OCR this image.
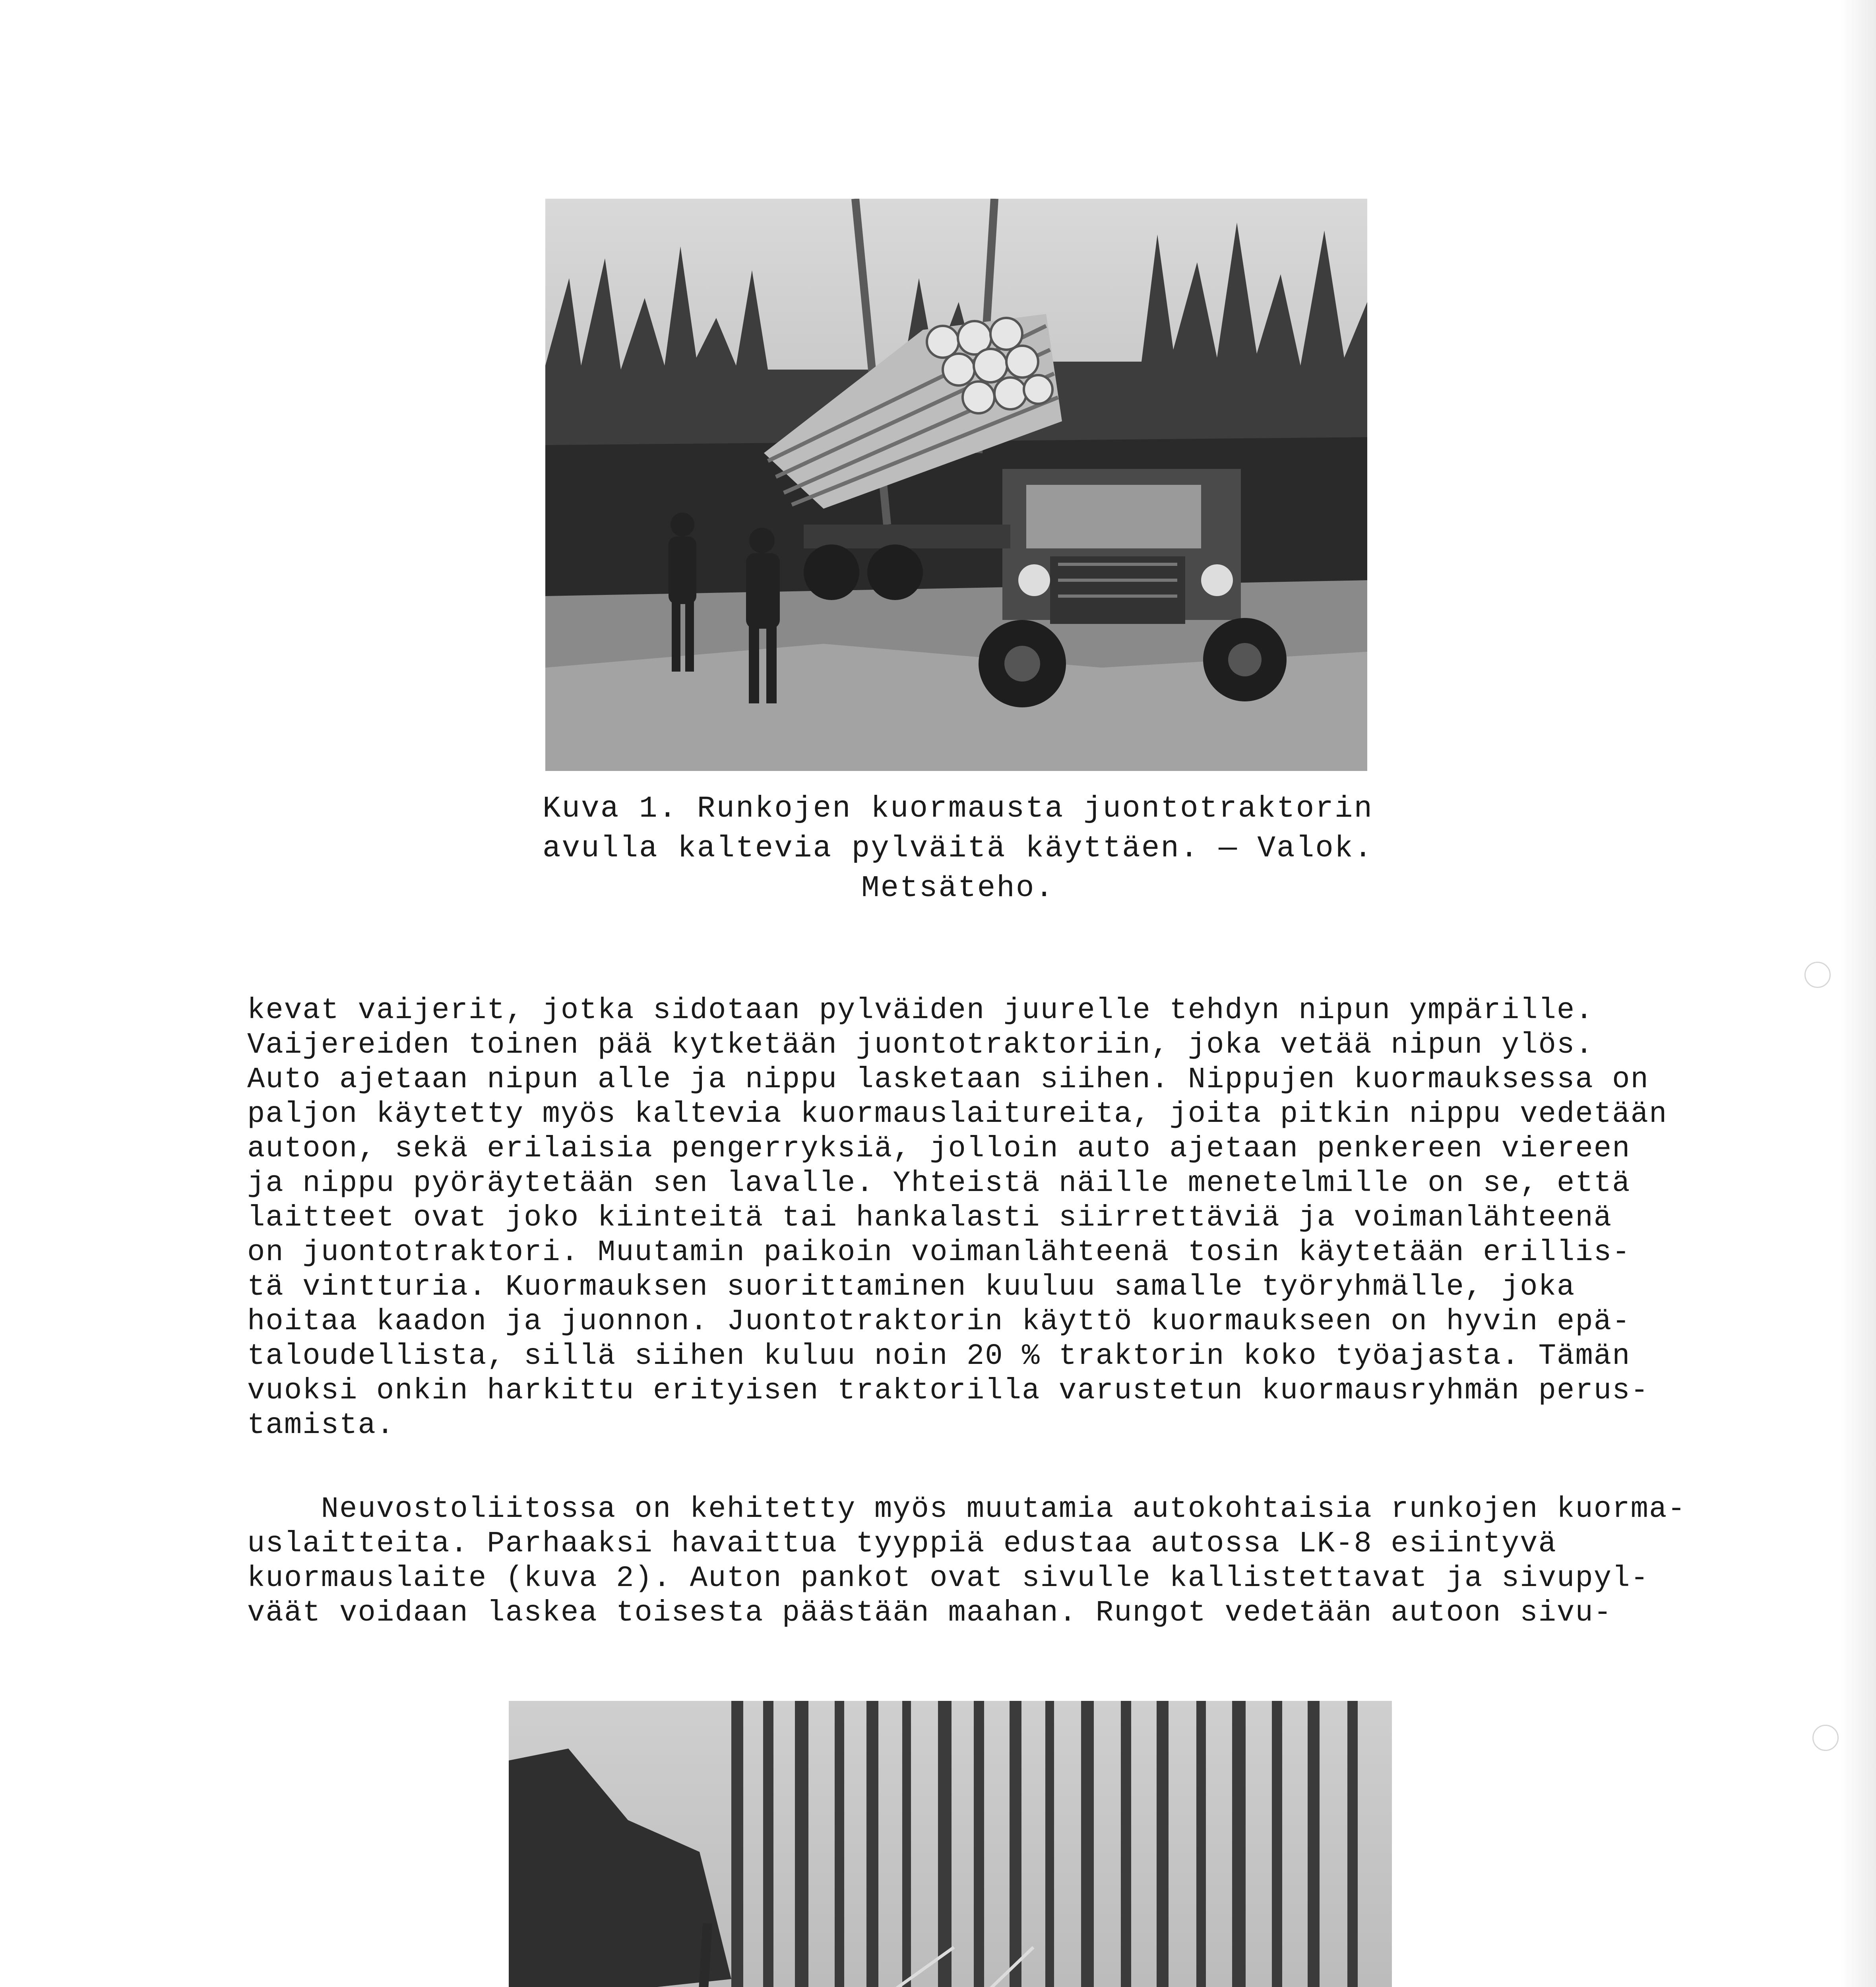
Kuva 1. Runkojen kuormausta juontotraktorin
avulla kaltevia pylväitä käyttäen. — Valok.
Metsäteho.
kevat vaijerit, jotka sidotaan pylväiden juurelle tehdyn nipun ympärille.
Vaijereiden toinen pää kytketään juontotraktoriin, joka vetää nipun ylös.
Auto ajetaan nipun alle ja nippu lasketaan siihen. Nippujen kuormauksessa on
paljon käytetty myös kaltevia kuormauslaitureita, joita pitkin nippu vedetään
autoon, sekä erilaisia pengerryksiä, jolloin auto ajetaan penkereen viereen
ja nippu pyöräytetään sen lavalle. Yhteistä näille menetelmille on se, että
laitteet ovat joko kiinteitä tai hankalasti siirrettäviä ja voimanlähteenä
on juontotraktori. Muutamin paikoin voimanlähteenä tosin käytetään erillis-
tä vintturia. Kuormauksen suorittaminen kuuluu samalle työryhmälle, joka
hoitaa kaadon ja juonnon. Juontotraktorin käyttö kuormaukseen on hyvin epä-
taloudellista, sillä siihen kuluu noin 20 % traktorin koko työajasta. Tämän
vuoksi onkin harkittu erityisen traktorilla varustetun kuormausryhmän perus-
tamista.
Neuvostoliitossa on kehitetty myös muutamia autokohtaisia runkojen kuorma-
uslaitteita. Parhaaksi havaittua tyyppiä edustaa autossa LK-8 esiintyvä
kuormauslaite (kuva 2). Auton pankot ovat sivulle kallistettavat ja sivupyl-
väät voidaan laskea toisesta päästään maahan. Rungot vedetään autoon sivu-
